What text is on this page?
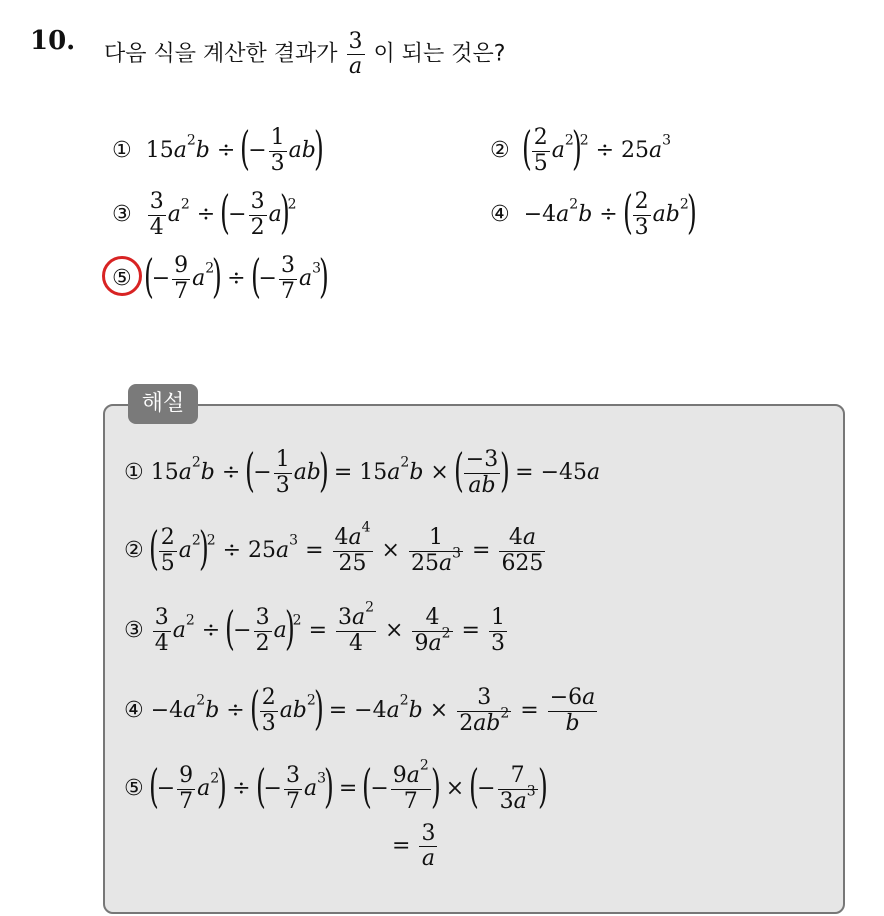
10. 다음 식을 계산한 결과가 $\frac{3}{a}$ 이 되는 것은?
①  $15a^2b$ ÷ (− $\frac{1}{3} ab$)	② ( $\frac{2}{5} a^2)^2 \div 25a^3$
③ $\frac{3}{4} a^2$ ÷ (− $\frac{3}{2} a)^2$	④  $-4a^2b$ ÷ ( $\frac{2}{3} ab^2$)
⑤ (− $\frac{9}{7} a^2$) ÷ (− $\frac{3}{7} a^3$)
해설
① $15a^2b$ ÷ (− $\frac{1}{3} ab) = 15a^2b$ × ( $\frac{-3}{ab}$ ) = −45a
② ( $\frac{2}{5} a^2)^2 \div 25a^3 = \frac{4a^4}{25} \times \frac{1}{25a^3} = \frac{4a}{625}$
③ $\frac{3}{4} a^2$ ÷ (− $\frac{3}{2} a)^2 = \frac{3a^2}{4} \times \frac{4}{9a^2} = \frac{1}{3}$
④ $-4a^2b$ ÷ ( $\frac{2}{3} ab^2) = -4a^2b \times \frac{3}{2ab^2} = \frac{-6a}{b}$
⑤ (− $\frac{9}{7} a^2$) ÷ (− $\frac{3}{7} a^3$) = (− $\frac{9a^2}{7}$ ) × (− $\frac{7}{3a^3}$ )
= $\frac{3}{a}$
